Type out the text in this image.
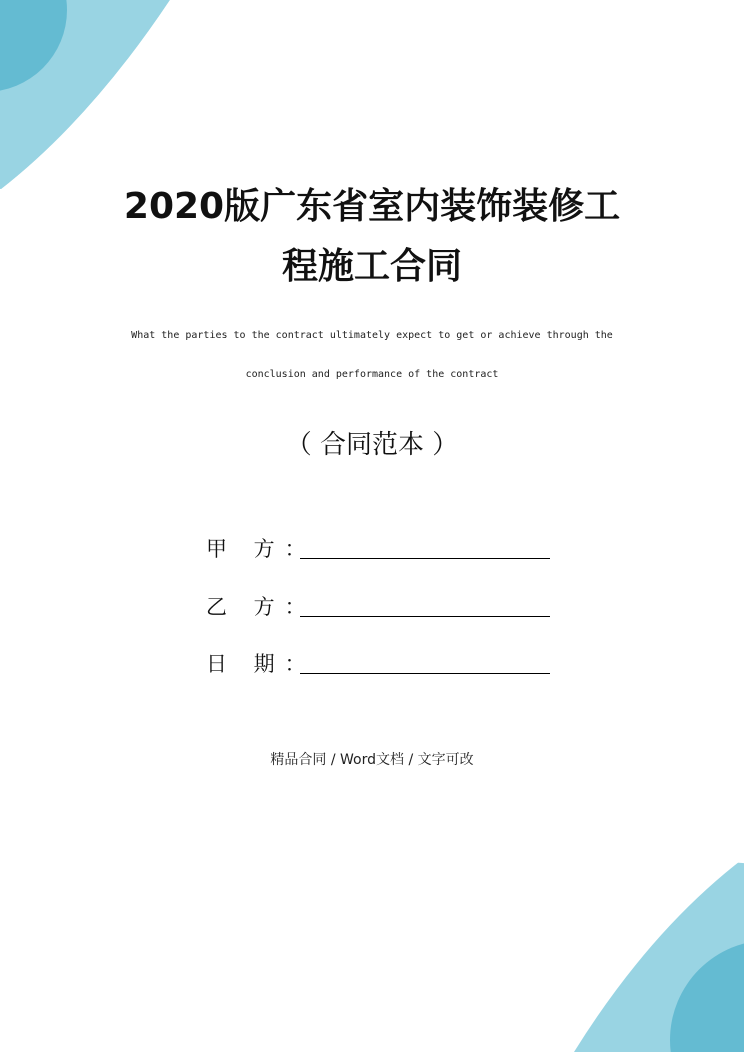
2020版广东省室内装饰装修工
程施工合同
What the parties to the contract ultimately expect to get or achieve through the
conclusion and performance of the contract
（ 合同范本 ）
甲 方：
乙 方：
日 期：
精品合同 / Word文档 / 文字可改
